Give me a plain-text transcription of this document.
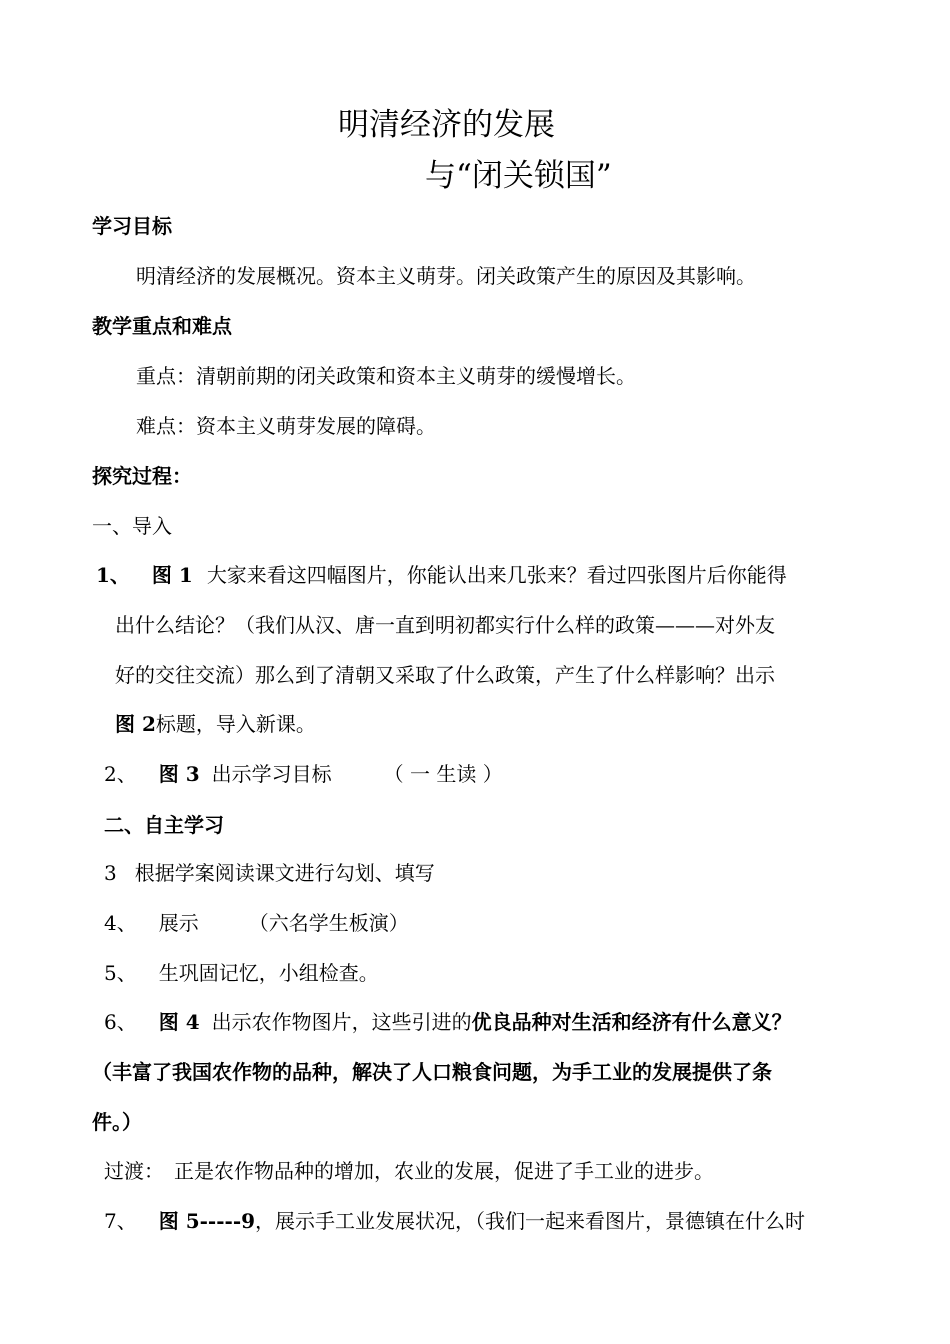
明清经济的发展
与“闭关锁国”
学习目标
明清经济的发展概况。资本主义萌芽。闭关政策产生的原因及其影响。
教学重点和难点
重点：清朝前期的闭关政策和资本主义萌芽的缓慢增长。
难点：资本主义萌芽发展的障碍。
探究过程：
一、导入
1、 图 1 大家来看这四幅图片，你能认出来几张来？看过四张图片后你能得
出什么结论？（我们从汉、唐一直到明初都实行什么样的政策———对外友
好的交往交流）那么到了清朝又采取了什么政策，产生了什么样影响？出示
图 2标题，导入新课。
2、 图 3 出示学习目标	（ 一 生读 ）
二、自主学习
3 根据学案阅读课文进行勾划、填写
4、 展示	（六名学生板演）
5、 生巩固记忆，小组检查。
6、 图 4 出示农作物图片，这些引进的优良品种对生活和经济有什么意义？
（丰富了我国农作物的品种，解决了人口粮食问题，为手工业的发展提供了条
件。）
过渡：　正是农作物品种的增加，农业的发展，促进了手工业的进步。
7、 图 5-----9，展示手工业发展状况，（我们一起来看图片，景德镇在什么时
